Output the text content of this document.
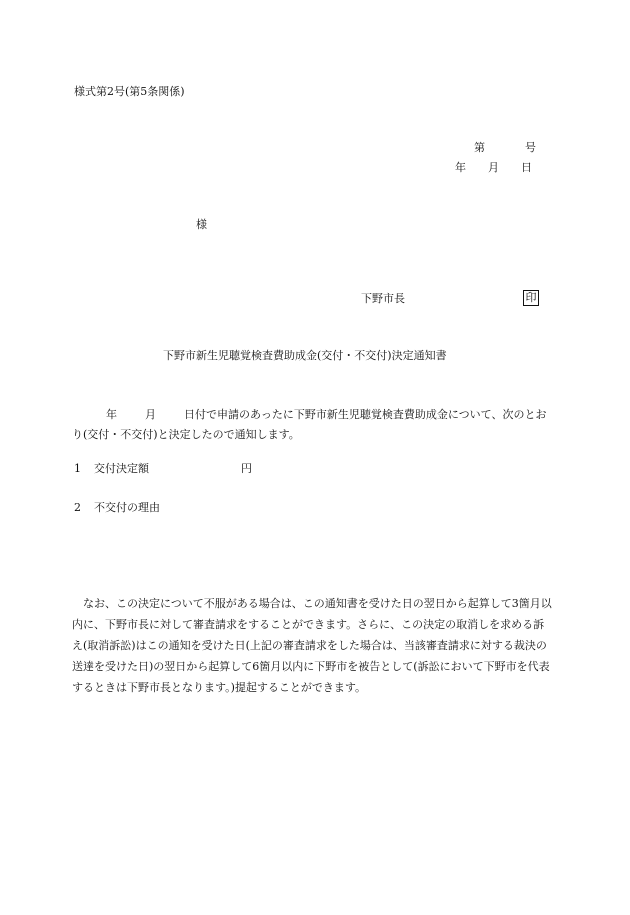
様式第2号(第5条関係)
第	号
年 月 日
様
下野市長	印
下野市新生児聴覚検査費助成金(交付・不交付)決定通知書
年	月	日付で申請のあったに下野市新生児聴覚検査費助成金について、次のとおり(交付・不交付)と決定したので通知します。
1 交付決定額	円
2 不交付の理由
なお、この決定について不服がある場合は、この通知書を受けた日の翌日から起算して3箇月以内に、下野市長に対して審査請求をすることができます。さらに、この決定の取消しを求める訴え(取消訴訟)はこの通知を受けた日(上記の審査請求をした場合は、当該審査請求に対する裁決の送達を受けた日)の翌日から起算して6箇月以内に下野市を被告として(訴訟において下野市を代表するときは下野市長となります。)提起することができます。
